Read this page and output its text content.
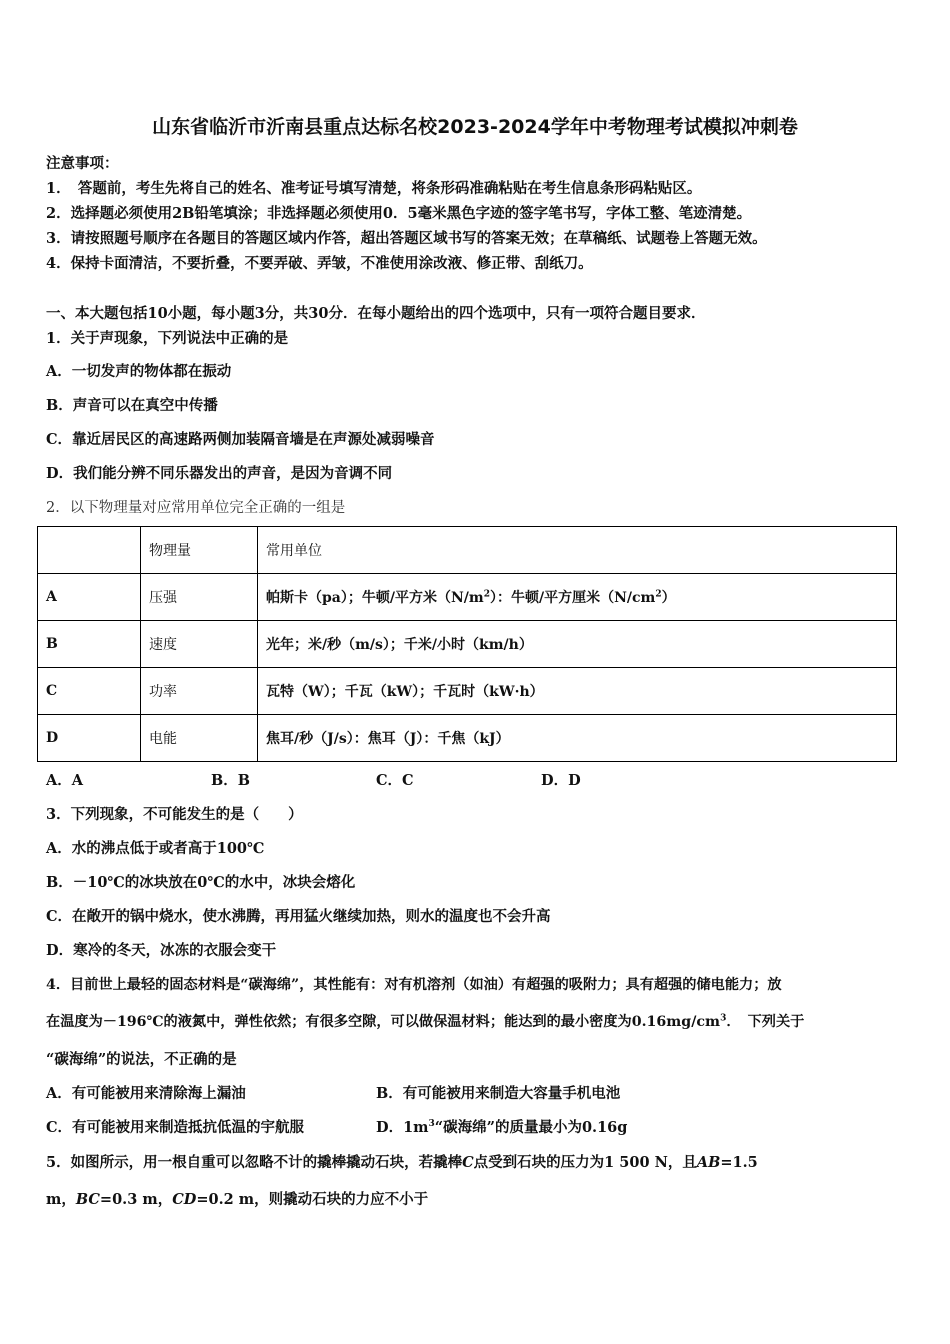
山东省临沂市沂南县重点达标名校2023-2024学年中考物理考试模拟冲刺卷
注意事项：
1．　答题前，考生先将自己的姓名、准考证号填写清楚，将条形码准确粘贴在考生信息条形码粘贴区。
2．选择题必须使用2B铅笔填涂；非选择题必须使用0．5毫米黑色字迹的签字笔书写，字体工整、笔迹清楚。
3．请按照题号顺序在各题目的答题区域内作答，超出答题区域书写的答案无效；在草稿纸、试题卷上答题无效。
4．保持卡面清洁，不要折叠，不要弄破、弄皱，不准使用涂改液、修正带、刮纸刀。
一、本大题包括10小题，每小题3分，共30分．在每小题给出的四个选项中，只有一项符合题目要求．
1．关于声现象，下列说法中正确的是
A．一切发声的物体都在振动
B．声音可以在真空中传播
C．靠近居民区的高速路两侧加装隔音墙是在声源处减弱噪音
D．我们能分辨不同乐器发出的声音，是因为音调不同
2．以下物理量对应常用单位完全正确的一组是
	物理量	常用单位
A	压强	帕斯卡（pa）；牛顿/平方米$(N/m^2)$：牛顿/平方厘米$(N/cm^2)$
B	速度	光年；米/秒（m/s）；千米/小时（km/h）
C	功率	瓦特（W）；千瓦（kW）；千瓦时（kW·h）
D	电能	焦耳/秒（J/s）：焦耳（J）：千焦（kJ）
A．A	B．B	C．C	D．D
3．下列现象，不可能发生的是（　　）
A．水的沸点低于或者高于100℃
B．－10℃的冰块放在0℃的水中，冰块会熔化
C．在敞开的锅中烧水，使水沸腾，再用猛火继续加热，则水的温度也不会升高
D．寒冷的冬天，冰冻的衣服会变干
4．目前世上最轻的固态材料是“碳海绵”，其性能有：对有机溶剂（如油）有超强的吸附力；具有超强的储电能力；放
在温度为－196℃的液氮中，弹性依然；有很多空隙，可以做保温材料；能达到的最小密度为$0.16mg/cm^3$．　下列关于
“碳海绵”的说法，不正确的是
A．有可能被用来清除海上漏油	B．有可能被用来制造大容量手机电池
C．有可能被用来制造抵抗低温的宇航服	D．$1m^3“$碳海绵”的质量最小为0.16g
5．如图所示，用一根自重可以忽略不计的撬棒撬动石块，若撬棒C点受到石块的压力为1 500 N，且AB=1.5
m，BC=0.3 m，CD=0.2 m，则撬动石块的力应不小于
